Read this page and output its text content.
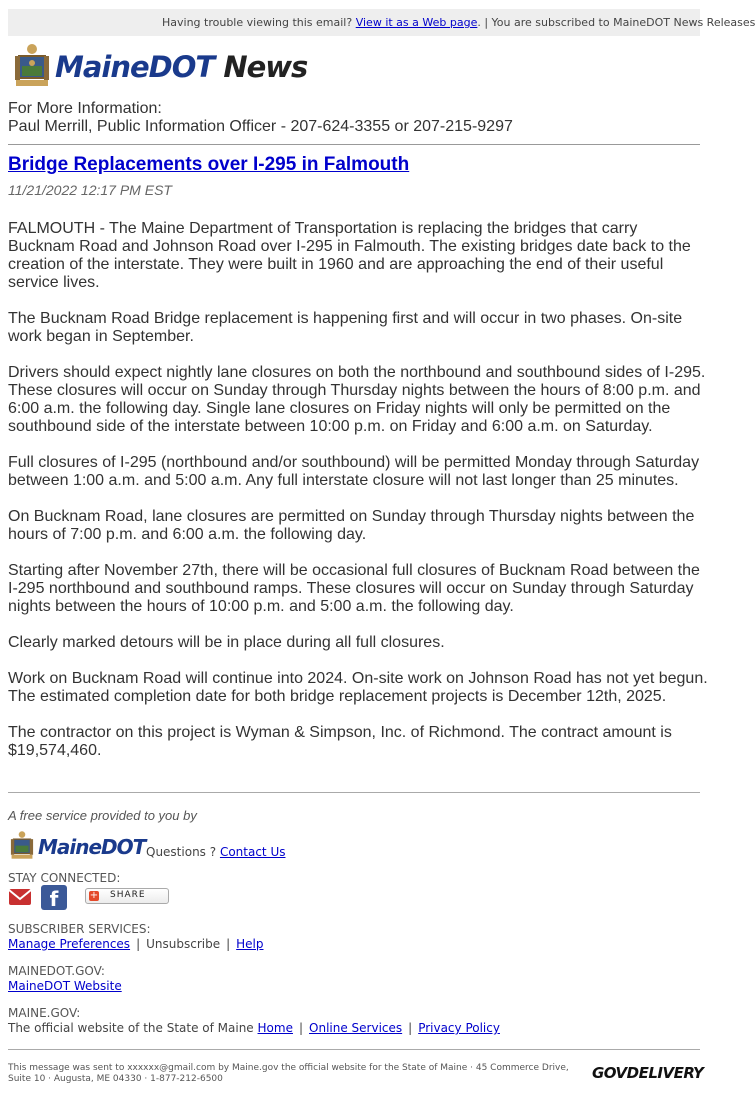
Having trouble viewing this email? View it as a Web page. | You are subscribed to MaineDOT News Releases
MaineDOT News
For More Information:
Paul Merrill, Public Information Officer - 207-624-3355 or 207-215-9297
Bridge Replacements over I-295 in Falmouth
11/21/2022 12:17 PM EST
FALMOUTH - The Maine Department of Transportation is replacing the bridges that carry
Bucknam Road and Johnson Road over I-295 in Falmouth. The existing bridges date back to the
creation of the interstate. They were built in 1960 and are approaching the end of their useful
service lives.
The Bucknam Road Bridge replacement is happening first and will occur in two phases. On-site
work began in September.
Drivers should expect nightly lane closures on both the northbound and southbound sides of I-295.
These closures will occur on Sunday through Thursday nights between the hours of 8:00 p.m. and
6:00 a.m. the following day. Single lane closures on Friday nights will only be permitted on the
southbound side of the interstate between 10:00 p.m. on Friday and 6:00 a.m. on Saturday.
Full closures of I-295 (northbound and/or southbound) will be permitted Monday through Saturday
between 1:00 a.m. and 5:00 a.m. Any full interstate closure will not last longer than 25 minutes.
On Bucknam Road, lane closures are permitted on Sunday through Thursday nights between the
hours of 7:00 p.m. and 6:00 a.m. the following day.
Starting after November 27th, there will be occasional full closures of Bucknam Road between the
I-295 northbound and southbound ramps. These closures will occur on Sunday through Saturday
nights between the hours of 10:00 p.m. and 5:00 a.m. the following day.
Clearly marked detours will be in place during all full closures.
Work on Bucknam Road will continue into 2024. On-site work on Johnson Road has not yet begun.
The estimated completion date for both bridge replacement projects is December 12th, 2025.
The contractor on this project is Wyman & Simpson, Inc. of Richmond. The contract amount is
$19,574,460.
A free service provided to you by
MaineDOT Questions ? Contact Us
STAY CONNECTED:
f	+ SHARE
SUBSCRIBER SERVICES:
Manage Preferences | Unsubscribe | Help
MAINEDOT.GOV:
MaineDOT Website
MAINE.GOV:
The official website of the State of Maine Home | Online Services | Privacy Policy
This message was sent to xxxxxx@gmail.com by Maine.gov the official website for the State of Maine · 45 Commerce Drive, Suite 10 · Augusta, ME 04330 · 1-877-212-6500	GOVDELIVERY
